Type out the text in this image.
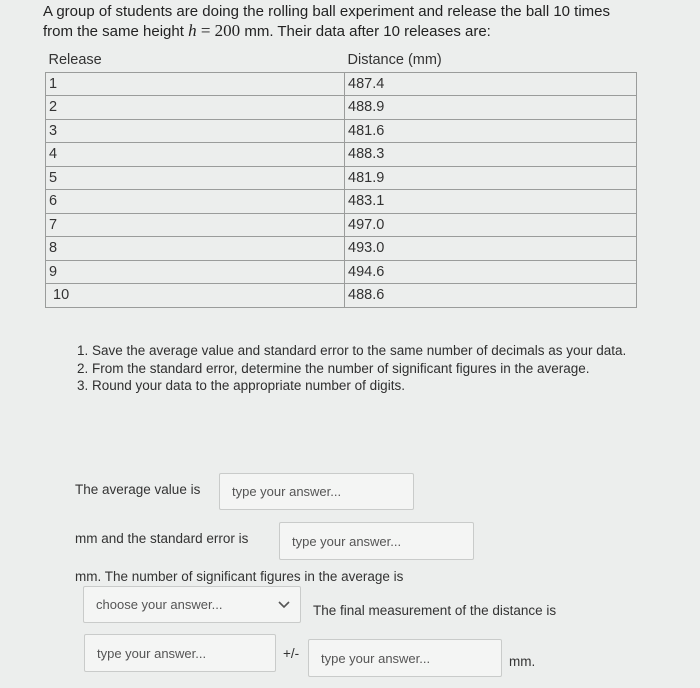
A group of students are doing the rolling ball experiment and release the ball 10 times from the same height h = 200 mm. Their data after 10 releases are:
Release	Distance (mm)
1	487.4
2	488.9
3	481.6
4	488.3
5	481.9
6	483.1
7	497.0
8	493.0
9	494.6
10	488.6
1. Save the average value and standard error to the same number of decimals as your data.
2. From the standard error, determine the number of significant figures in the average.
3. Round your data to the appropriate number of digits.
The average value is
type your answer...
mm and the standard error is
type your answer...
mm. The number of significant figures in the average is
choose your answer...	The final measurement of the distance is
type your answer...
+/-
type your answer...
mm.
